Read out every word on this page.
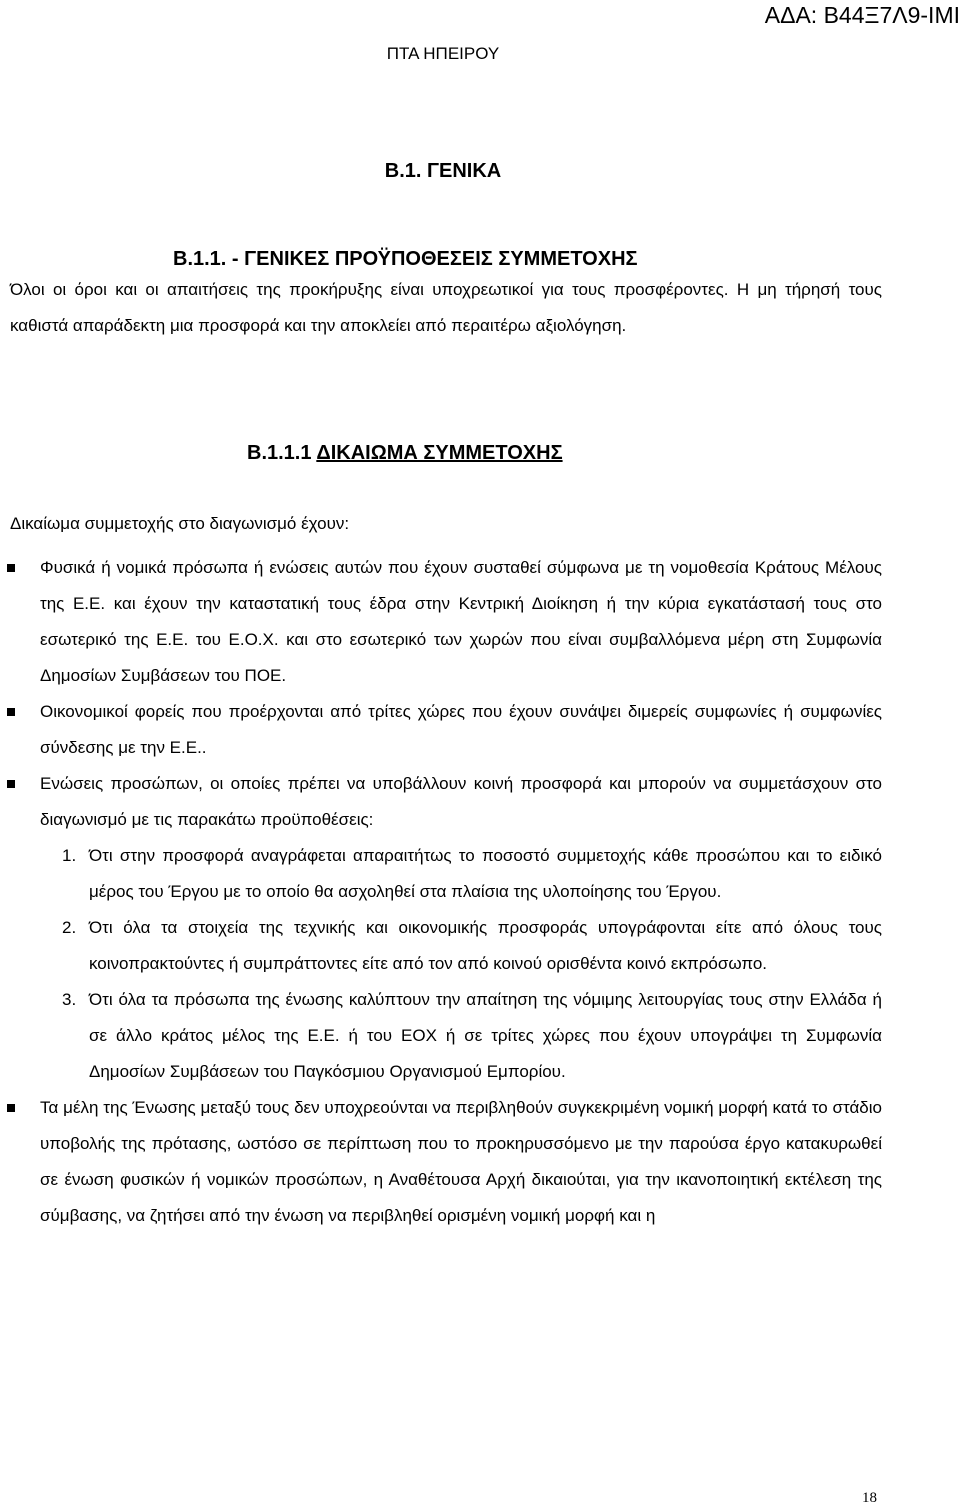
ΑΔΑ: Β44Ξ7Λ9-ΙΜΙ
ΠΤΑ ΗΠΕΙΡΟΥ
Β.1. ΓΕΝΙΚΑ
Β.1.1. - ΓΕΝΙΚΕΣ ΠΡΟΫΠΟΘΕΣΕΙΣ ΣΥΜΜΕΤΟΧΗΣ

Όλοι οι όροι και οι απαιτήσεις της προκήρυξης είναι υποχρεωτικοί για τους προσφέροντες. Η μη τήρησή τους καθιστά απαράδεκτη μια προσφορά και την αποκλείει από περαιτέρω αξιολόγηση.

Β.1.1.1 ΔΙΚΑΙΩΜΑ ΣΥΜΜΕΤΟΧΗΣ

Δικαίωμα συμμετοχής στο διαγωνισμό έχουν:

Φυσικά ή νομικά πρόσωπα ή ενώσεις αυτών που έχουν συσταθεί σύμφωνα με τη νομοθεσία Κράτους Μέλους της Ε.Ε. και έχουν την καταστατική τους έδρα στην Κεντρική Διοίκηση ή την κύρια εγκατάστασή τους στο εσωτερικό της Ε.Ε. του Ε.Ο.Χ. και στο εσωτερικό των χωρών που είναι συμβαλλόμενα μέρη στη Συμφωνία Δημοσίων Συμβάσεων του ΠΟΕ.
Οικονομικοί φορείς που προέρχονται από τρίτες χώρες που έχουν συνάψει διμερείς συμφωνίες ή συμφωνίες σύνδεσης με την Ε.Ε..
Ενώσεις προσώπων, οι οποίες πρέπει να υποβάλλουν κοινή προσφορά και μπορούν να συμμετάσχουν στο διαγωνισμό με τις παρακάτω προϋποθέσεις:
1. Ότι στην προσφορά αναγράφεται απαραιτήτως το ποσοστό συμμετοχής κάθε προσώπου και το ειδικό μέρος του Έργου με το οποίο θα ασχοληθεί στα πλαίσια της υλοποίησης του Έργου.
2. Ότι όλα τα στοιχεία της τεχνικής και οικονομικής προσφοράς υπογράφονται είτε από όλους τους κοινοπρακτούντες ή συμπράττοντες είτε από τον από κοινού ορισθέντα κοινό εκπρόσωπο.
3. Ότι όλα τα πρόσωπα της ένωσης καλύπτουν την απαίτηση της νόμιμης λειτουργίας τους στην Ελλάδα ή σε άλλο κράτος μέλος της Ε.Ε. ή του ΕΟΧ ή σε τρίτες χώρες που έχουν υπογράψει τη Συμφωνία Δημοσίων Συμβάσεων του Παγκόσμιου Οργανισμού Εμπορίου.
Τα μέλη της Ένωσης μεταξύ τους δεν υποχρεούνται να περιβληθούν συγκεκριμένη νομική μορφή κατά το στάδιο υποβολής της πρότασης, ωστόσο σε περίπτωση που το προκηρυσσόμενο με την παρούσα έργο κατακυρωθεί σε ένωση φυσικών ή νομικών προσώπων, η Αναθέτουσα Αρχή δικαιούται, για την ικανοποιητική εκτέλεση της σύμβασης, να ζητήσει από την ένωση να περιβληθεί ορισμένη νομική μορφή και η
18
